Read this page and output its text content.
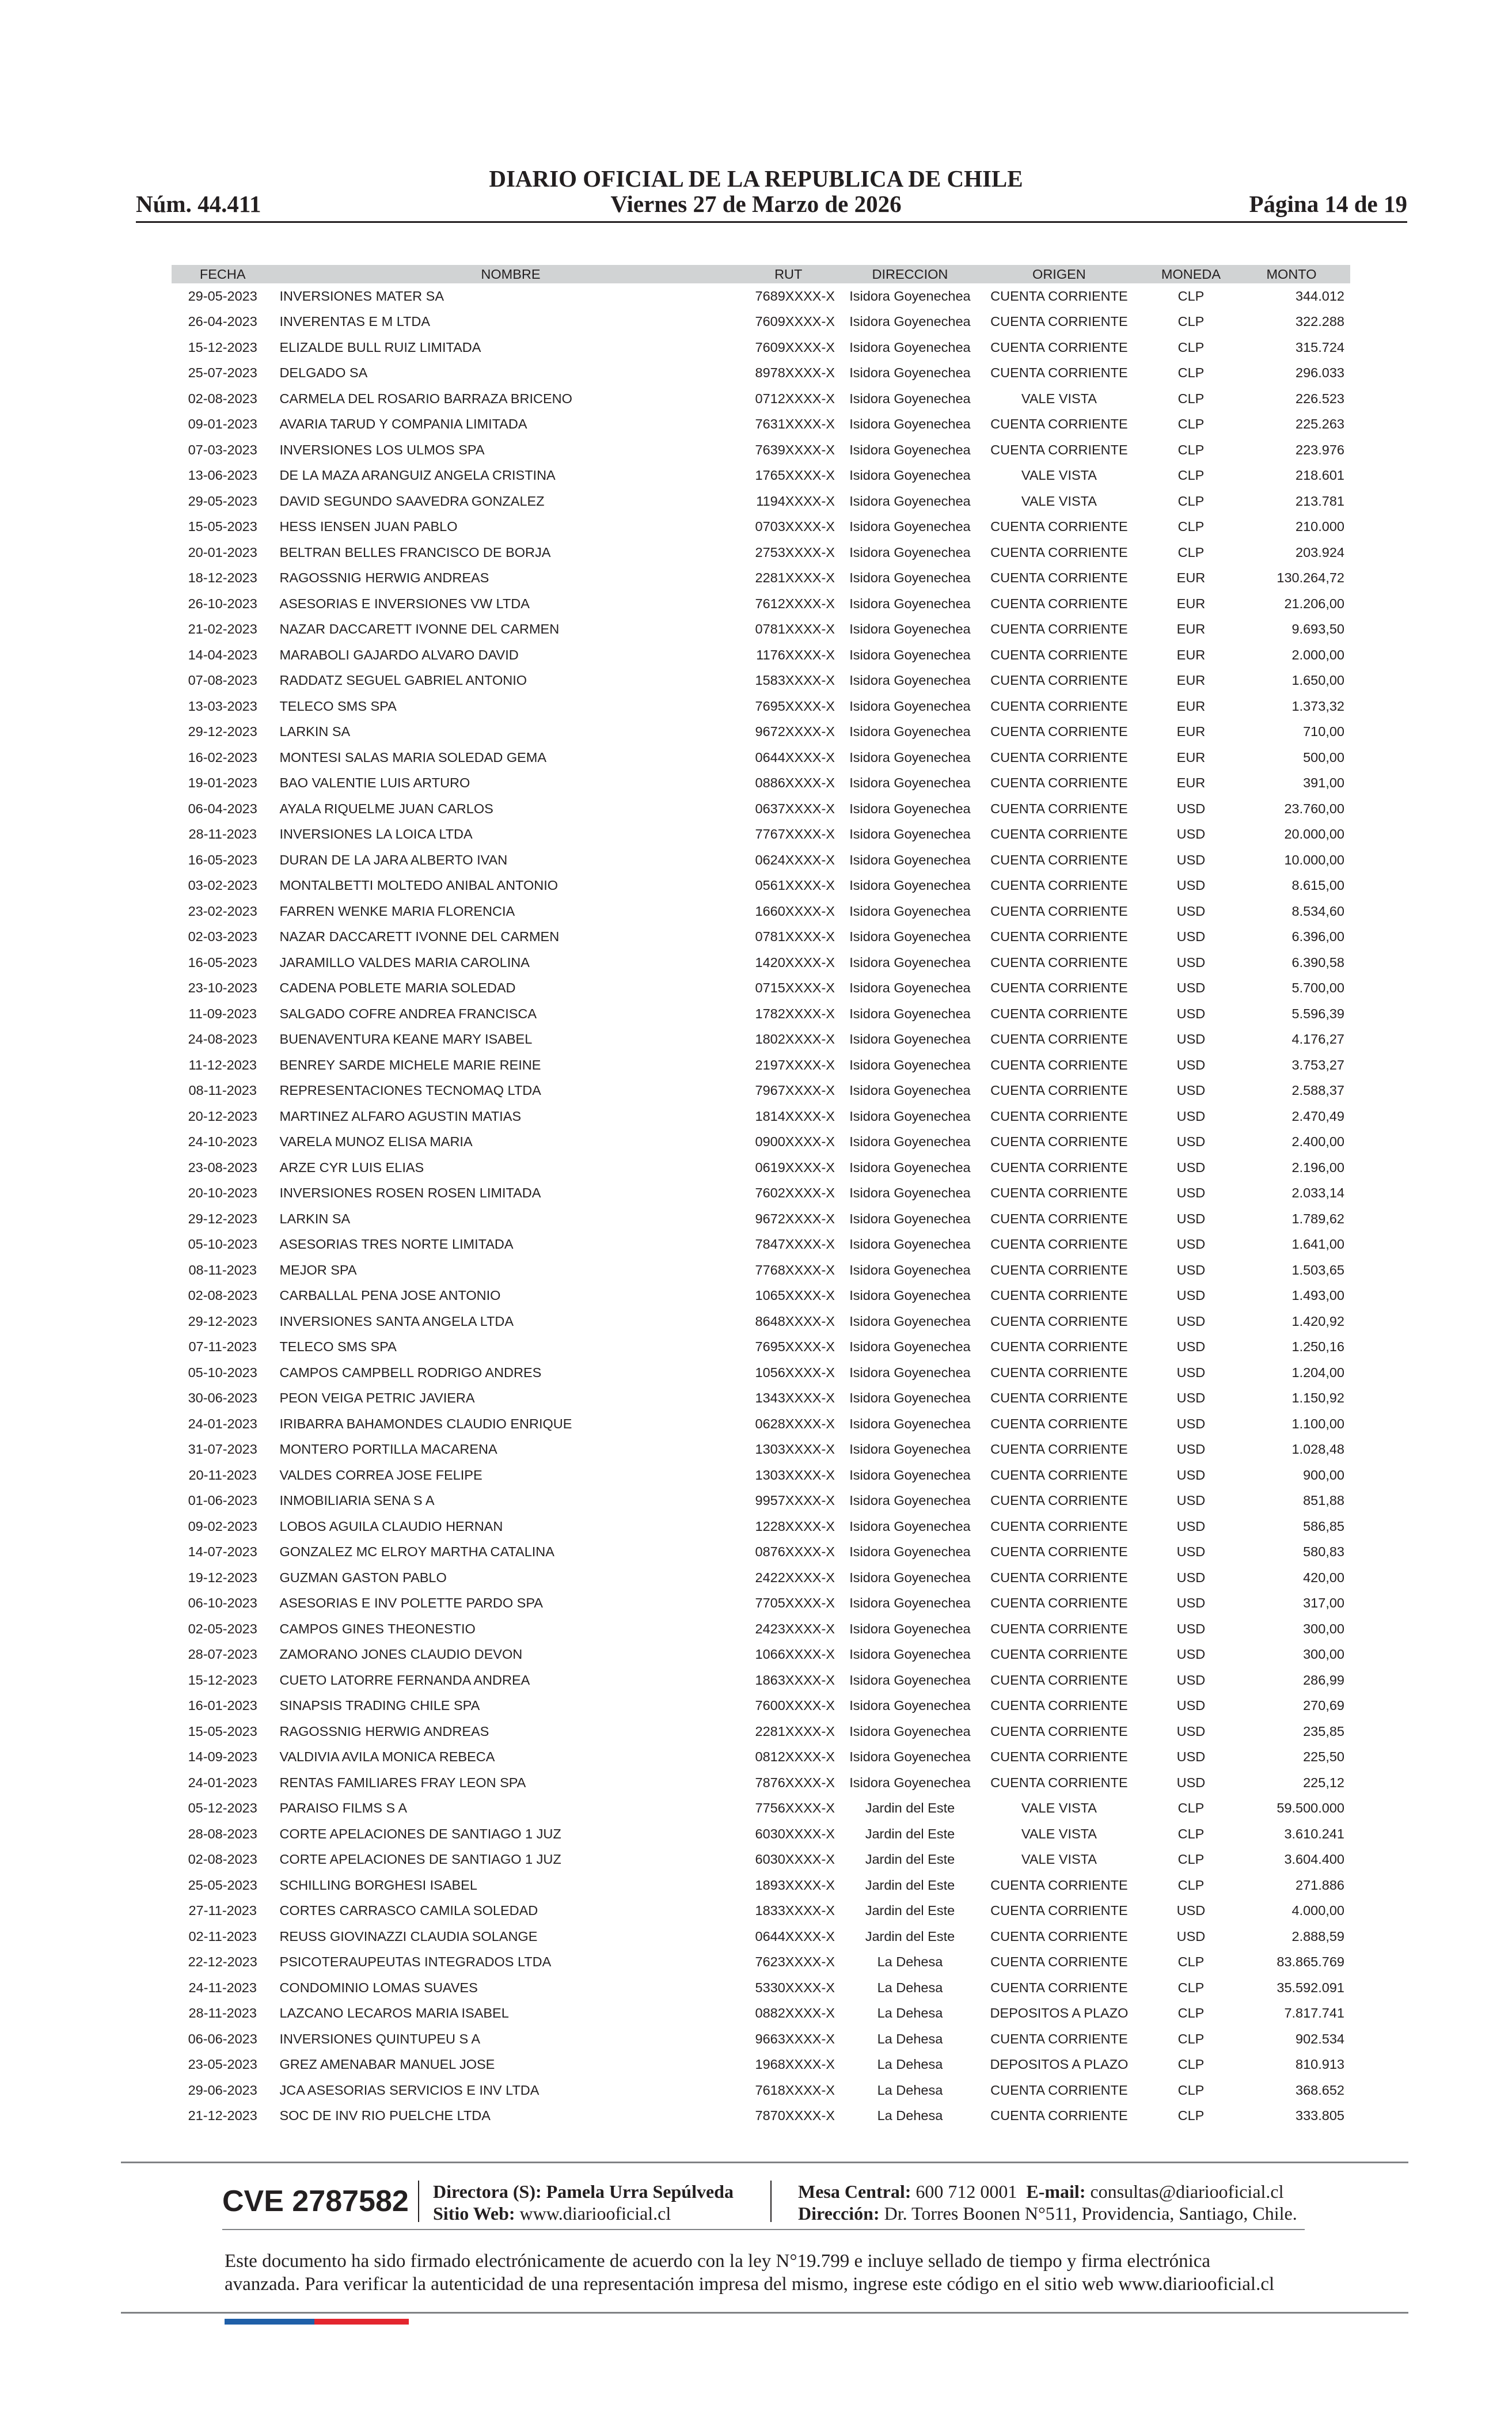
DIARIO OFICIAL DE LA REPUBLICA DE CHILE
Núm. 44.411	Viernes 27 de Marzo de 2026	Página 14 de 19
FECHA	NOMBRE	RUT	DIRECCION	ORIGEN	MONEDA	MONTO
29-05-2023	INVERSIONES MATER SA	7689XXXX-X	Isidora Goyenechea	CUENTA CORRIENTE	CLP	344.012
26-04-2023	INVERENTAS E M LTDA	7609XXXX-X	Isidora Goyenechea	CUENTA CORRIENTE	CLP	322.288
15-12-2023	ELIZALDE BULL RUIZ LIMITADA	7609XXXX-X	Isidora Goyenechea	CUENTA CORRIENTE	CLP	315.724
25-07-2023	DELGADO SA	8978XXXX-X	Isidora Goyenechea	CUENTA CORRIENTE	CLP	296.033
02-08-2023	CARMELA DEL ROSARIO BARRAZA BRICENO	0712XXXX-X	Isidora Goyenechea	VALE VISTA	CLP	226.523
09-01-2023	AVARIA TARUD Y COMPANIA LIMITADA	7631XXXX-X	Isidora Goyenechea	CUENTA CORRIENTE	CLP	225.263
07-03-2023	INVERSIONES LOS ULMOS SPA	7639XXXX-X	Isidora Goyenechea	CUENTA CORRIENTE	CLP	223.976
13-06-2023	DE LA MAZA ARANGUIZ ANGELA CRISTINA	1765XXXX-X	Isidora Goyenechea	VALE VISTA	CLP	218.601
29-05-2023	DAVID SEGUNDO SAAVEDRA GONZALEZ	1194XXXX-X	Isidora Goyenechea	VALE VISTA	CLP	213.781
15-05-2023	HESS IENSEN JUAN PABLO	0703XXXX-X	Isidora Goyenechea	CUENTA CORRIENTE	CLP	210.000
20-01-2023	BELTRAN BELLES FRANCISCO DE BORJA	2753XXXX-X	Isidora Goyenechea	CUENTA CORRIENTE	CLP	203.924
18-12-2023	RAGOSSNIG HERWIG ANDREAS	2281XXXX-X	Isidora Goyenechea	CUENTA CORRIENTE	EUR	130.264,72
26-10-2023	ASESORIAS E INVERSIONES VW LTDA	7612XXXX-X	Isidora Goyenechea	CUENTA CORRIENTE	EUR	21.206,00
21-02-2023	NAZAR DACCARETT IVONNE DEL CARMEN	0781XXXX-X	Isidora Goyenechea	CUENTA CORRIENTE	EUR	9.693,50
14-04-2023	MARABOLI GAJARDO ALVARO DAVID	1176XXXX-X	Isidora Goyenechea	CUENTA CORRIENTE	EUR	2.000,00
07-08-2023	RADDATZ SEGUEL GABRIEL ANTONIO	1583XXXX-X	Isidora Goyenechea	CUENTA CORRIENTE	EUR	1.650,00
13-03-2023	TELECO SMS SPA	7695XXXX-X	Isidora Goyenechea	CUENTA CORRIENTE	EUR	1.373,32
29-12-2023	LARKIN SA	9672XXXX-X	Isidora Goyenechea	CUENTA CORRIENTE	EUR	710,00
16-02-2023	MONTESI SALAS MARIA SOLEDAD GEMA	0644XXXX-X	Isidora Goyenechea	CUENTA CORRIENTE	EUR	500,00
19-01-2023	BAO VALENTIE LUIS ARTURO	0886XXXX-X	Isidora Goyenechea	CUENTA CORRIENTE	EUR	391,00
06-04-2023	AYALA RIQUELME JUAN CARLOS	0637XXXX-X	Isidora Goyenechea	CUENTA CORRIENTE	USD	23.760,00
28-11-2023	INVERSIONES LA LOICA LTDA	7767XXXX-X	Isidora Goyenechea	CUENTA CORRIENTE	USD	20.000,00
16-05-2023	DURAN DE LA JARA ALBERTO IVAN	0624XXXX-X	Isidora Goyenechea	CUENTA CORRIENTE	USD	10.000,00
03-02-2023	MONTALBETTI MOLTEDO ANIBAL ANTONIO	0561XXXX-X	Isidora Goyenechea	CUENTA CORRIENTE	USD	8.615,00
23-02-2023	FARREN WENKE MARIA FLORENCIA	1660XXXX-X	Isidora Goyenechea	CUENTA CORRIENTE	USD	8.534,60
02-03-2023	NAZAR DACCARETT IVONNE DEL CARMEN	0781XXXX-X	Isidora Goyenechea	CUENTA CORRIENTE	USD	6.396,00
16-05-2023	JARAMILLO VALDES MARIA CAROLINA	1420XXXX-X	Isidora Goyenechea	CUENTA CORRIENTE	USD	6.390,58
23-10-2023	CADENA POBLETE MARIA SOLEDAD	0715XXXX-X	Isidora Goyenechea	CUENTA CORRIENTE	USD	5.700,00
11-09-2023	SALGADO COFRE ANDREA FRANCISCA	1782XXXX-X	Isidora Goyenechea	CUENTA CORRIENTE	USD	5.596,39
24-08-2023	BUENAVENTURA KEANE MARY ISABEL	1802XXXX-X	Isidora Goyenechea	CUENTA CORRIENTE	USD	4.176,27
11-12-2023	BENREY SARDE MICHELE MARIE REINE	2197XXXX-X	Isidora Goyenechea	CUENTA CORRIENTE	USD	3.753,27
08-11-2023	REPRESENTACIONES TECNOMAQ LTDA	7967XXXX-X	Isidora Goyenechea	CUENTA CORRIENTE	USD	2.588,37
20-12-2023	MARTINEZ ALFARO AGUSTIN MATIAS	1814XXXX-X	Isidora Goyenechea	CUENTA CORRIENTE	USD	2.470,49
24-10-2023	VARELA MUNOZ ELISA MARIA	0900XXXX-X	Isidora Goyenechea	CUENTA CORRIENTE	USD	2.400,00
23-08-2023	ARZE CYR LUIS ELIAS	0619XXXX-X	Isidora Goyenechea	CUENTA CORRIENTE	USD	2.196,00
20-10-2023	INVERSIONES ROSEN ROSEN LIMITADA	7602XXXX-X	Isidora Goyenechea	CUENTA CORRIENTE	USD	2.033,14
29-12-2023	LARKIN SA	9672XXXX-X	Isidora Goyenechea	CUENTA CORRIENTE	USD	1.789,62
05-10-2023	ASESORIAS TRES NORTE LIMITADA	7847XXXX-X	Isidora Goyenechea	CUENTA CORRIENTE	USD	1.641,00
08-11-2023	MEJOR SPA	7768XXXX-X	Isidora Goyenechea	CUENTA CORRIENTE	USD	1.503,65
02-08-2023	CARBALLAL PENA JOSE ANTONIO	1065XXXX-X	Isidora Goyenechea	CUENTA CORRIENTE	USD	1.493,00
29-12-2023	INVERSIONES SANTA ANGELA LTDA	8648XXXX-X	Isidora Goyenechea	CUENTA CORRIENTE	USD	1.420,92
07-11-2023	TELECO SMS SPA	7695XXXX-X	Isidora Goyenechea	CUENTA CORRIENTE	USD	1.250,16
05-10-2023	CAMPOS CAMPBELL RODRIGO ANDRES	1056XXXX-X	Isidora Goyenechea	CUENTA CORRIENTE	USD	1.204,00
30-06-2023	PEON VEIGA PETRIC JAVIERA	1343XXXX-X	Isidora Goyenechea	CUENTA CORRIENTE	USD	1.150,92
24-01-2023	IRIBARRA BAHAMONDES CLAUDIO ENRIQUE	0628XXXX-X	Isidora Goyenechea	CUENTA CORRIENTE	USD	1.100,00
31-07-2023	MONTERO PORTILLA MACARENA	1303XXXX-X	Isidora Goyenechea	CUENTA CORRIENTE	USD	1.028,48
20-11-2023	VALDES CORREA JOSE FELIPE	1303XXXX-X	Isidora Goyenechea	CUENTA CORRIENTE	USD	900,00
01-06-2023	INMOBILIARIA SENA S A	9957XXXX-X	Isidora Goyenechea	CUENTA CORRIENTE	USD	851,88
09-02-2023	LOBOS AGUILA CLAUDIO HERNAN	1228XXXX-X	Isidora Goyenechea	CUENTA CORRIENTE	USD	586,85
14-07-2023	GONZALEZ MC ELROY MARTHA CATALINA	0876XXXX-X	Isidora Goyenechea	CUENTA CORRIENTE	USD	580,83
19-12-2023	GUZMAN GASTON PABLO	2422XXXX-X	Isidora Goyenechea	CUENTA CORRIENTE	USD	420,00
06-10-2023	ASESORIAS E INV POLETTE PARDO SPA	7705XXXX-X	Isidora Goyenechea	CUENTA CORRIENTE	USD	317,00
02-05-2023	CAMPOS GINES THEONESTIO	2423XXXX-X	Isidora Goyenechea	CUENTA CORRIENTE	USD	300,00
28-07-2023	ZAMORANO JONES CLAUDIO DEVON	1066XXXX-X	Isidora Goyenechea	CUENTA CORRIENTE	USD	300,00
15-12-2023	CUETO LATORRE FERNANDA ANDREA	1863XXXX-X	Isidora Goyenechea	CUENTA CORRIENTE	USD	286,99
16-01-2023	SINAPSIS TRADING CHILE SPA	7600XXXX-X	Isidora Goyenechea	CUENTA CORRIENTE	USD	270,69
15-05-2023	RAGOSSNIG HERWIG ANDREAS	2281XXXX-X	Isidora Goyenechea	CUENTA CORRIENTE	USD	235,85
14-09-2023	VALDIVIA AVILA MONICA REBECA	0812XXXX-X	Isidora Goyenechea	CUENTA CORRIENTE	USD	225,50
24-01-2023	RENTAS FAMILIARES FRAY LEON SPA	7876XXXX-X	Isidora Goyenechea	CUENTA CORRIENTE	USD	225,12
05-12-2023	PARAISO FILMS S A	7756XXXX-X	Jardin del Este	VALE VISTA	CLP	59.500.000
28-08-2023	CORTE APELACIONES DE SANTIAGO 1 JUZ	6030XXXX-X	Jardin del Este	VALE VISTA	CLP	3.610.241
02-08-2023	CORTE APELACIONES DE SANTIAGO 1 JUZ	6030XXXX-X	Jardin del Este	VALE VISTA	CLP	3.604.400
25-05-2023	SCHILLING BORGHESI ISABEL	1893XXXX-X	Jardin del Este	CUENTA CORRIENTE	CLP	271.886
27-11-2023	CORTES CARRASCO CAMILA SOLEDAD	1833XXXX-X	Jardin del Este	CUENTA CORRIENTE	USD	4.000,00
02-11-2023	REUSS GIOVINAZZI CLAUDIA SOLANGE	0644XXXX-X	Jardin del Este	CUENTA CORRIENTE	USD	2.888,59
22-12-2023	PSICOTERAUPEUTAS INTEGRADOS LTDA	7623XXXX-X	La Dehesa	CUENTA CORRIENTE	CLP	83.865.769
24-11-2023	CONDOMINIO LOMAS SUAVES	5330XXXX-X	La Dehesa	CUENTA CORRIENTE	CLP	35.592.091
28-11-2023	LAZCANO LECAROS MARIA ISABEL	0882XXXX-X	La Dehesa	DEPOSITOS A PLAZO	CLP	7.817.741
06-06-2023	INVERSIONES QUINTUPEU S A	9663XXXX-X	La Dehesa	CUENTA CORRIENTE	CLP	902.534
23-05-2023	GREZ AMENABAR MANUEL JOSE	1968XXXX-X	La Dehesa	DEPOSITOS A PLAZO	CLP	810.913
29-06-2023	JCA ASESORIAS SERVICIOS E INV LTDA	7618XXXX-X	La Dehesa	CUENTA CORRIENTE	CLP	368.652
21-12-2023	SOC DE INV RIO PUELCHE LTDA	7870XXXX-X	La Dehesa	CUENTA CORRIENTE	CLP	333.805
CVE 2787582 Directora (S): Pamela Urra Sepúlveda
Sitio Web: www.diariooficial.cl
Mesa Central: 600 712 0001 E-mail: consultas@diariooficial.cl
Dirección: Dr. Torres Boonen N°511, Providencia, Santiago, Chile.
Este documento ha sido firmado electrónicamente de acuerdo con la ley N°19.799 e incluye sellado de tiempo y firma electrónica
avanzada. Para verificar la autenticidad de una representación impresa del mismo, ingrese este código en el sitio web www.diariooficial.cl
